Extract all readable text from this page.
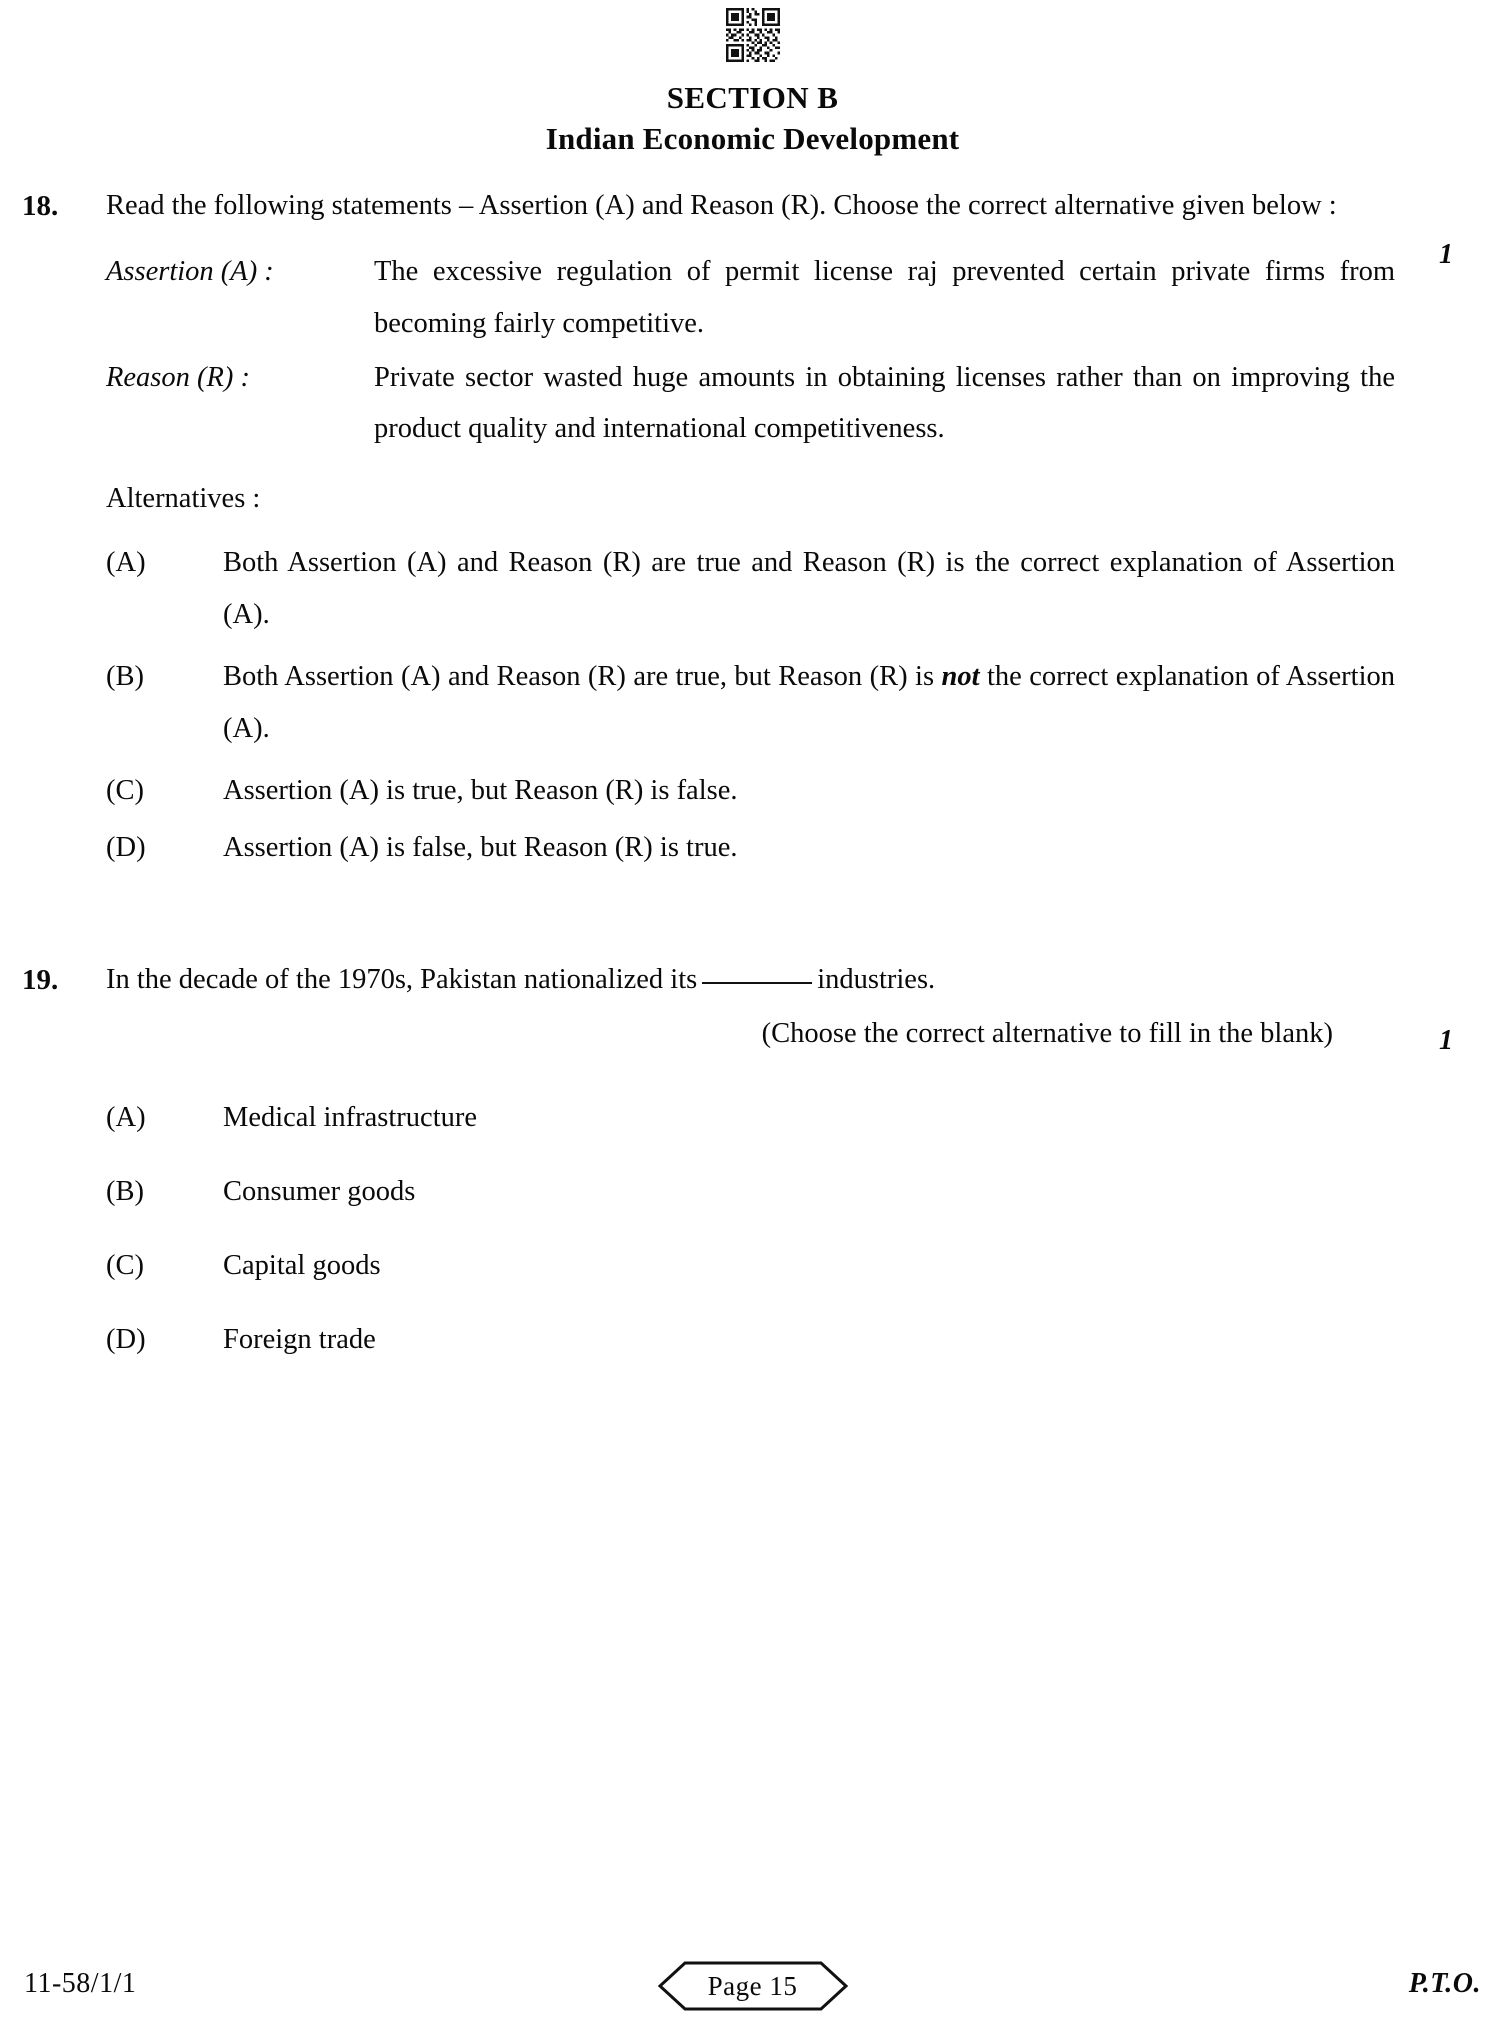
SECTION B
Indian Economic Development
18.	Read the following statements – Assertion (A) and Reason (R). Choose the correct alternative given below :
1
Assertion (A) :	The excessive regulation of permit license raj prevented certain private firms from becoming fairly competitive.
Reason (R) :	Private sector wasted huge amounts in obtaining licenses rather than on improving the product quality and international competitiveness.
Alternatives :
(A)	Both Assertion (A) and Reason (R) are true and Reason (R) is the correct explanation of Assertion (A).
(B)	Both Assertion (A) and Reason (R) are true, but Reason (R) is not the correct explanation of Assertion (A).
(C)	Assertion (A) is true, but Reason (R) is false.
(D)	Assertion (A) is false, but Reason (R) is true.
19.	In the decade of the 1970s, Pakistan nationalized its	industries.
(Choose the correct alternative to fill in the blank)	1
(A)	Medical infrastructure
(B)	Consumer goods
(C)	Capital goods
(D)	Foreign trade
11-58/1/1	Page 15	P.T.O.
